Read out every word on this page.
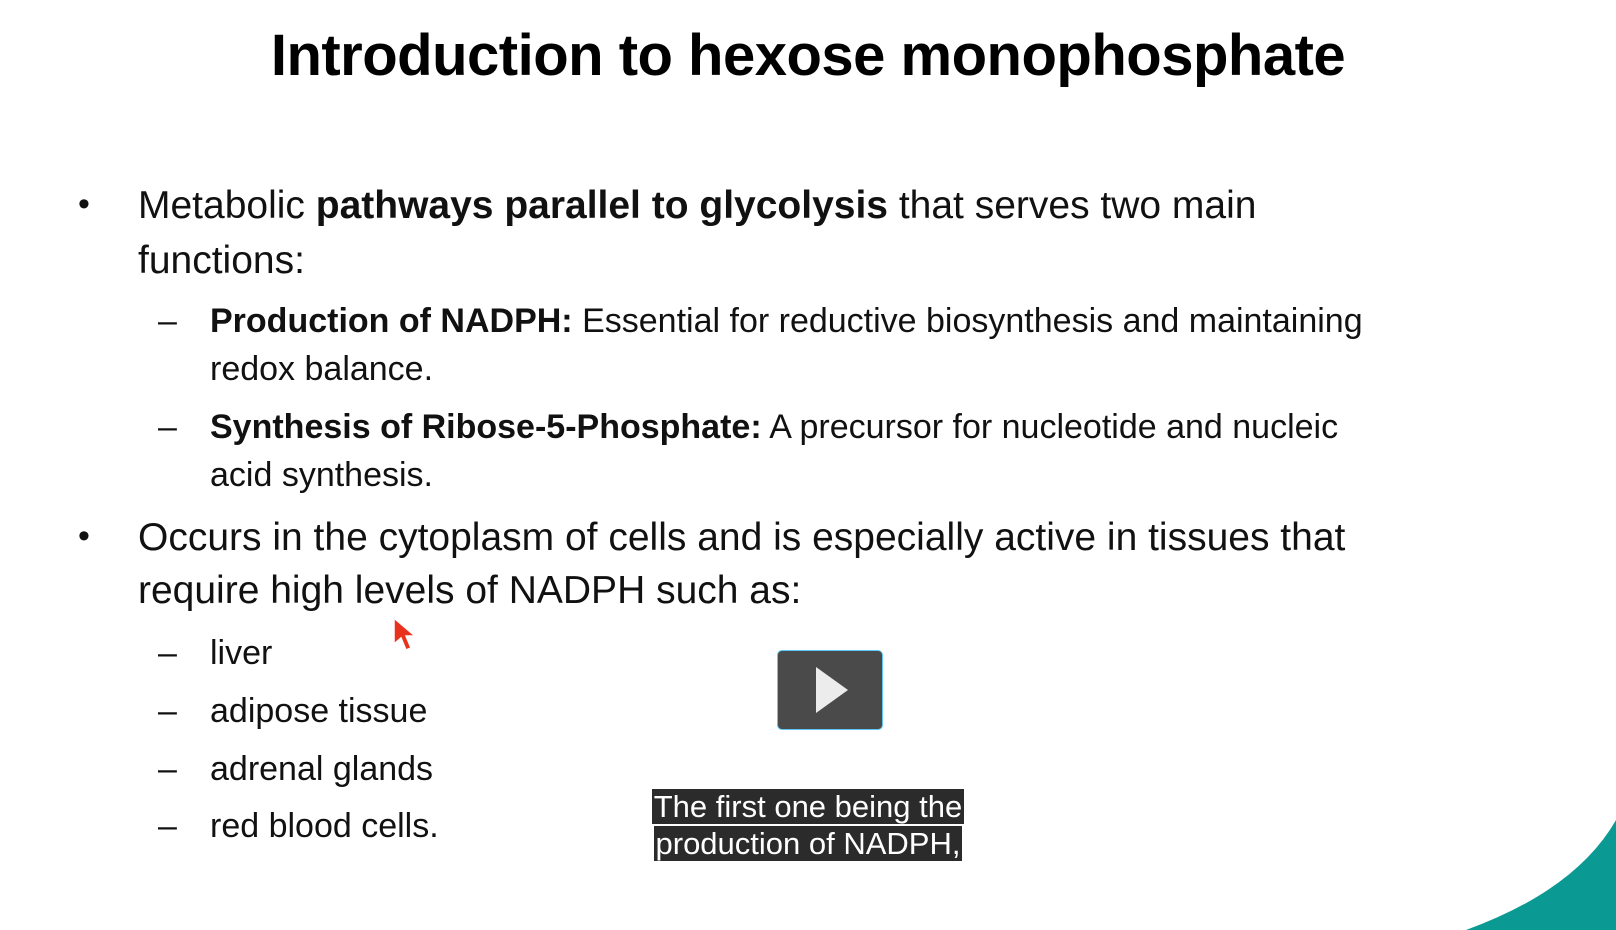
Introduction to hexose monophosphate
• Metabolic pathways parallel to glycolysis that serves two main
functions:
– Production of NADPH: Essential for reductive biosynthesis and maintaining
redox balance.
– Synthesis of Ribose-5-Phosphate: A precursor for nucleotide and nucleic
acid synthesis.
• Occurs in the cytoplasm of cells and is especially active in tissues that
require high levels of NADPH such as:
– liver
– adipose tissue
– adrenal glands
– red blood cells.
The first one being the
production of NADPH,
